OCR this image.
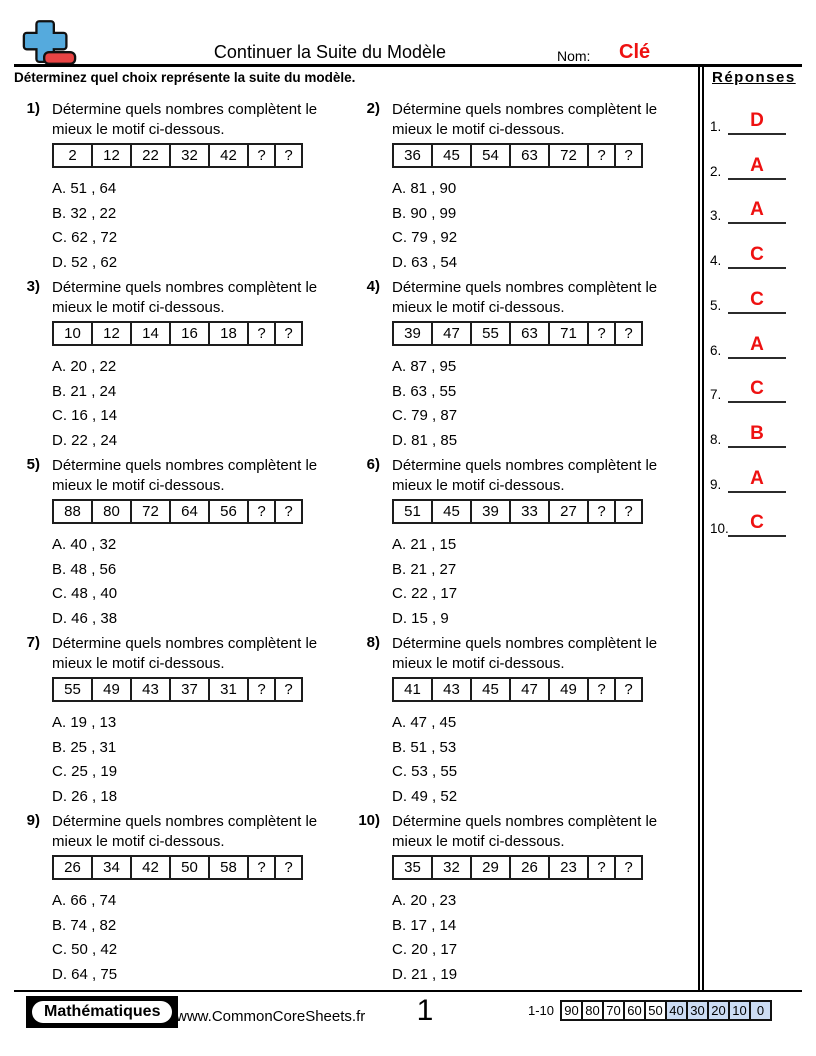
Continuer la Suite du Modèle	Nom: Clé
Déterminez quel choix représente la suite du modèle.
1) Détermine quels nombres complètent le
mieux le motif ci-dessous.
2	12	22	32	42	?	?
A. 51 , 64
B. 32 , 22
C. 62 , 72
D. 52 , 62
2) Détermine quels nombres complètent le
mieux le motif ci-dessous.
36	45	54	63	72	?	?
A. 81 , 90
B. 90 , 99
C. 79 , 92
D. 63 , 54
3) Détermine quels nombres complètent le
mieux le motif ci-dessous.
10	12	14	16	18	?	?
A. 20 , 22
B. 21 , 24
C. 16 , 14
D. 22 , 24
4) Détermine quels nombres complètent le
mieux le motif ci-dessous.
39	47	55	63	71	?	?
A. 87 , 95
B. 63 , 55
C. 79 , 87
D. 81 , 85
5) Détermine quels nombres complètent le
mieux le motif ci-dessous.
88	80	72	64	56	?	?
A. 40 , 32
B. 48 , 56
C. 48 , 40
D. 46 , 38
6) Détermine quels nombres complètent le
mieux le motif ci-dessous.
51	45	39	33	27	?	?
A. 21 , 15
B. 21 , 27
C. 22 , 17
D. 15 , 9
7) Détermine quels nombres complètent le
mieux le motif ci-dessous.
55	49	43	37	31	?	?
A. 19 , 13
B. 25 , 31
C. 25 , 19
D. 26 , 18
8) Détermine quels nombres complètent le
mieux le motif ci-dessous.
41	43	45	47	49	?	?
A. 47 , 45
B. 51 , 53
C. 53 , 55
D. 49 , 52
9) Détermine quels nombres complètent le
mieux le motif ci-dessous.
26	34	42	50	58	?	?
A. 66 , 74
B. 74 , 82
C. 50 , 42
D. 64 , 75
10) Détermine quels nombres complètent le
mieux le motif ci-dessous.
35	32	29	26	23	?	?
A. 20 , 23
B. 17 , 14
C. 20 , 17
D. 21 , 19
Réponses
1.	D
2.	A
3.	A
4.	C
5.	C
6.	A
7.	C
8.	B
9.	A
10.	C
Mathématiques	www.CommonCoreSheets.fr	1	1-10 90 80 70 60 50 40 30 20 10 0
